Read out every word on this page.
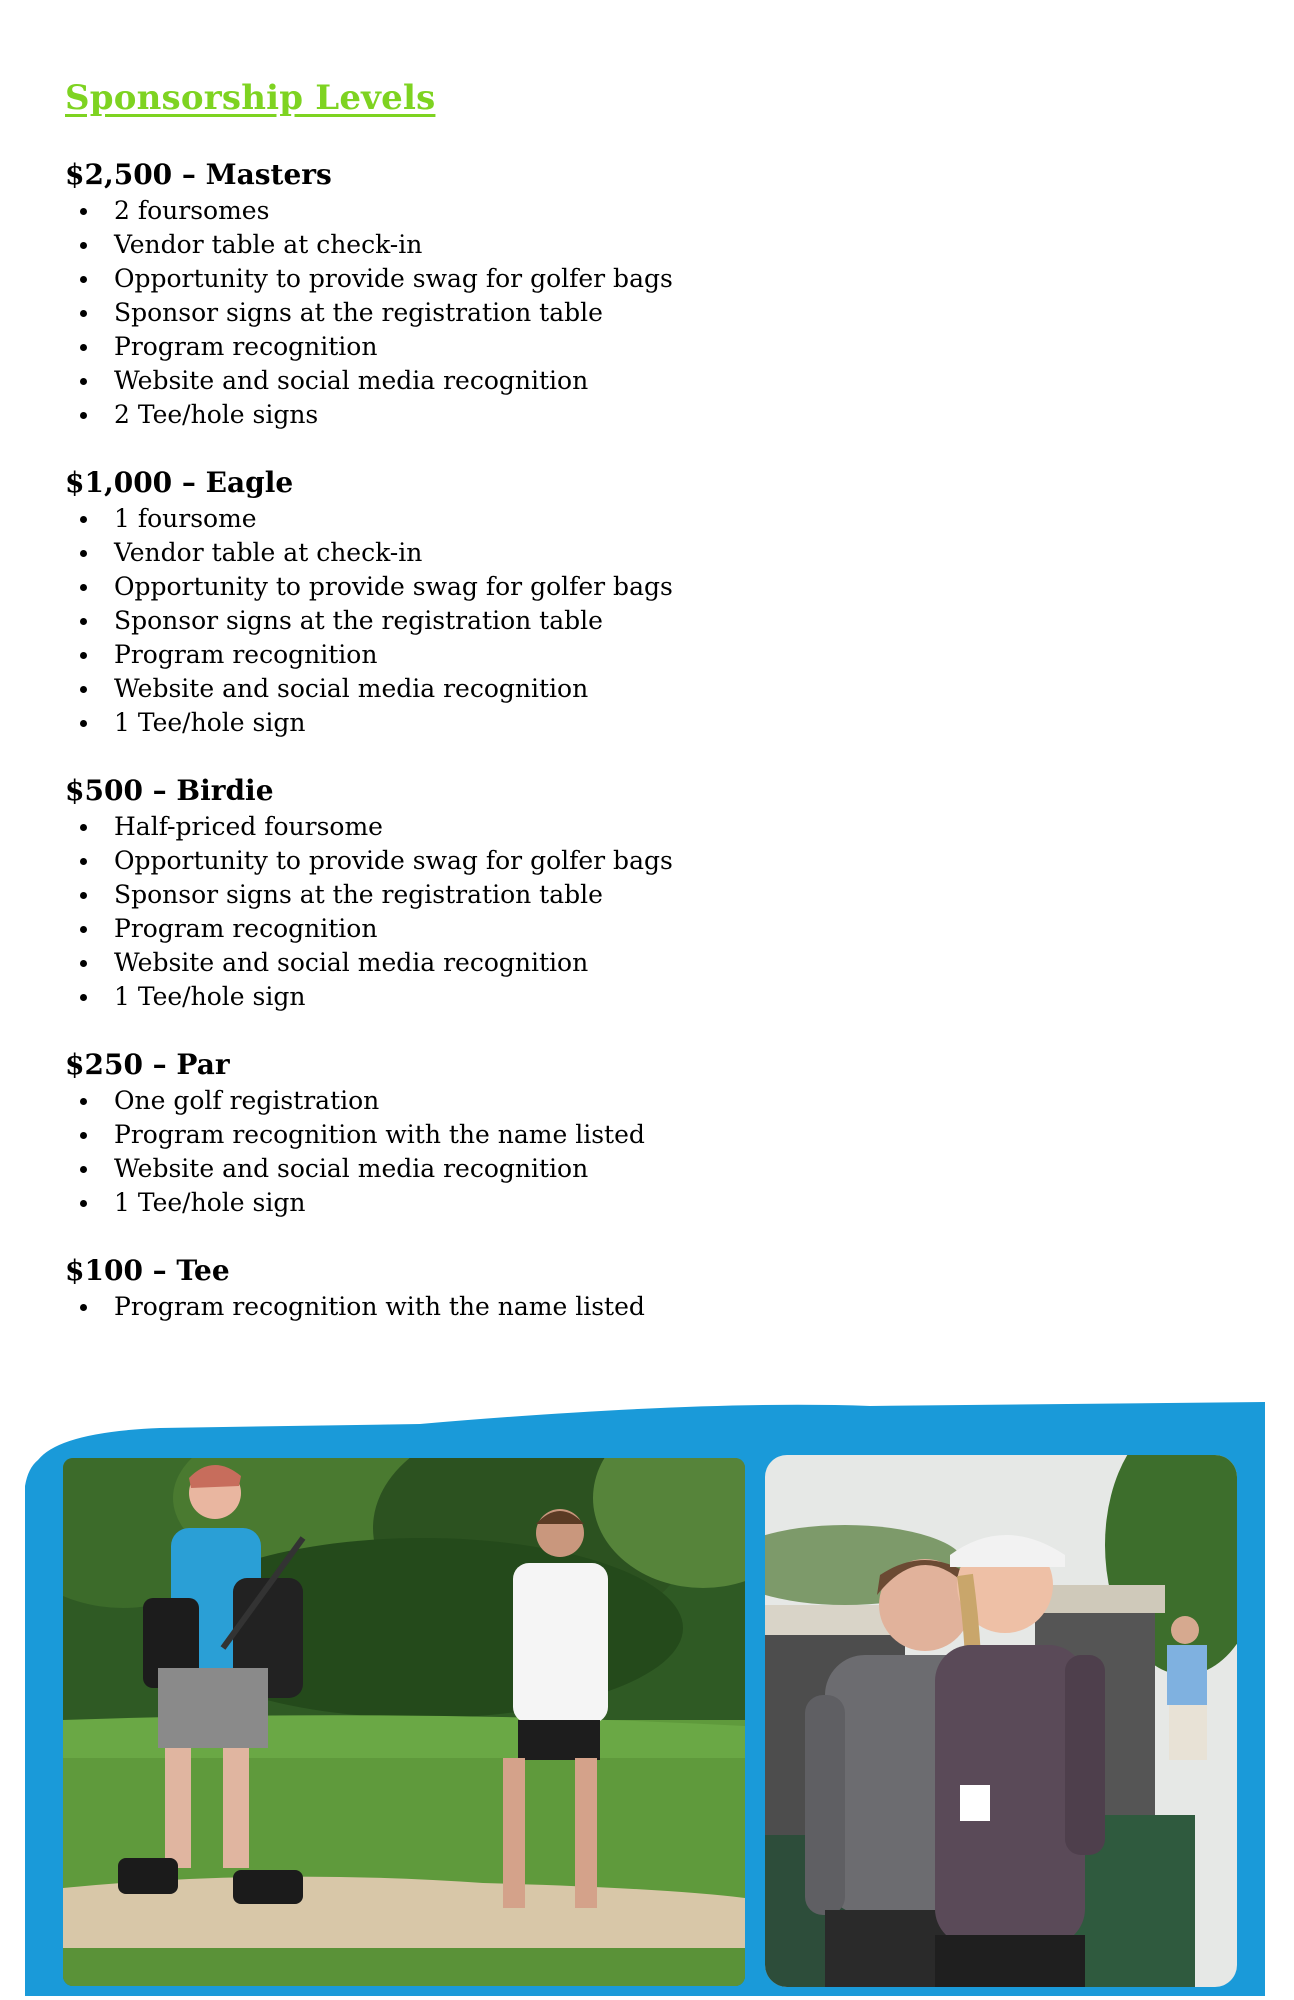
Sponsorship Levels
$2,500 – Masters
2 foursomes
Vendor table at check-in
Opportunity to provide swag for golfer bags
Sponsor signs at the registration table
Program recognition
Website and social media recognition
2 Tee/hole signs
$1,000 – Eagle
1 foursome
Vendor table at check-in
Opportunity to provide swag for golfer bags
Sponsor signs at the registration table
Program recognition
Website and social media recognition
1 Tee/hole sign
$500 – Birdie
Half-priced foursome
Opportunity to provide swag for golfer bags
Sponsor signs at the registration table
Program recognition
Website and social media recognition
1 Tee/hole sign
$250 – Par
One golf registration
Program recognition with the name listed
Website and social media recognition
1 Tee/hole sign
$100 – Tee
Program recognition with the name listed
